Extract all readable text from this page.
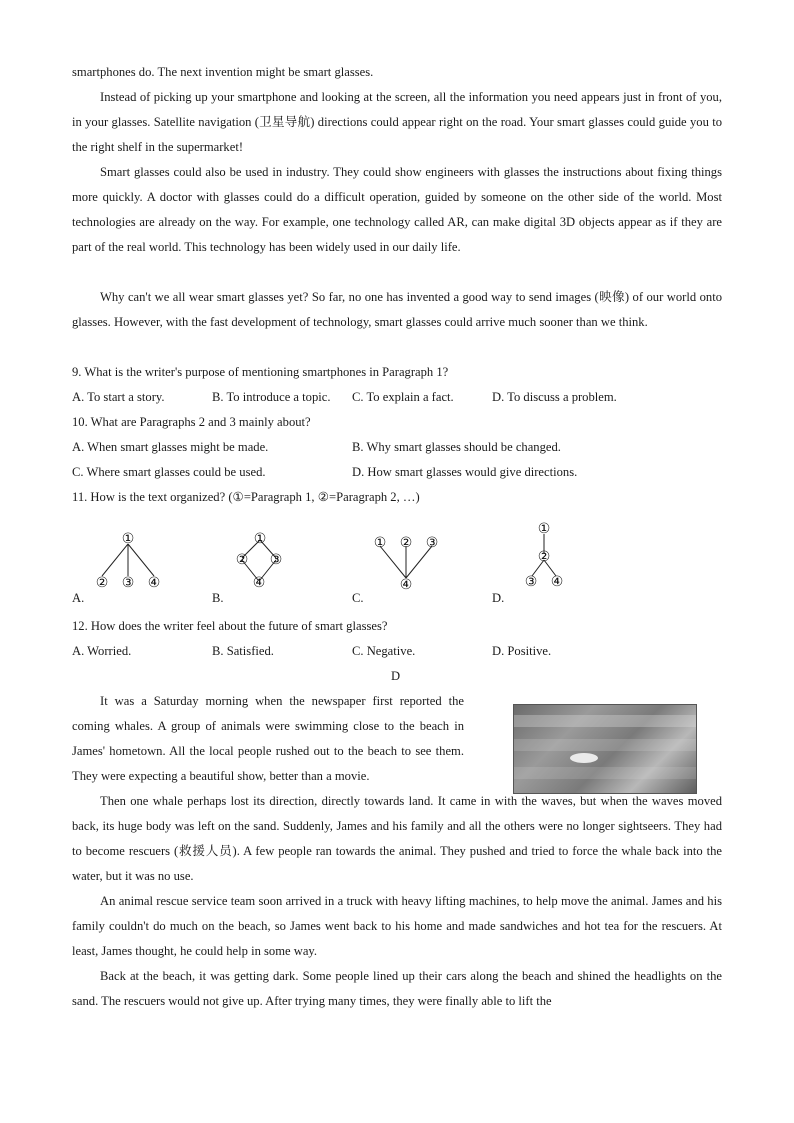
smartphones do. The next invention might be smart glasses.
Instead of picking up your smartphone and looking at the screen, all the information you need appears just in front of you, in your glasses. Satellite navigation (卫星导航) directions could appear right on the road. Your smart glasses could guide you to the right shelf in the supermarket!
Smart glasses could also be used in industry. They could show engineers with glasses the instructions about fixing things more quickly. A doctor with glasses could do a difficult operation, guided by someone on the other side of the world. Most technologies are already on the way. For example, one technology called AR, can make digital 3D objects appear as if they are part of the real world. This technology has been widely used in our daily life.
Why can't we all wear smart glasses yet? So far, no one has invented a good way to send images (映像) of our world onto glasses. However, with the fast development of technology, smart glasses could arrive much sooner than we think.
9. What is the writer's purpose of mentioning smartphones in Paragraph 1?
A. To start a story.	B. To introduce a topic. C. To explain a fact.	D. To discuss a problem.
10. What are Paragraphs 2 and 3 mainly about?
A. When smart glasses might be made.	B. Why smart glasses should be changed.
C. Where smart glasses could be used.	D. How smart glasses would give directions.
11. How is the text organized? (①=Paragraph 1, ②=Paragraph 2, …)
A.
①
② ③ ④
B.
①
② ③
④
C.
① ② ③
④
D.
①
②
③ ④
12. How does the writer feel about the future of smart glasses?
A. Worried.	B. Satisfied.	C. Negative.	D. Positive.
D
It was a Saturday morning when the newspaper first reported the coming whales. A group of animals were swimming close to the beach in James' hometown. All the local people rushed out to the beach to see them. They were expecting a beautiful show, better than a movie.
Then one whale perhaps lost its direction, directly towards land. It came in with the waves, but when the waves moved back, its huge body was left on the sand. Suddenly, James and his family and all the others were no longer sightseers. They had to become rescuers (救援人员). A few people ran towards the animal. They pushed and tried to force the whale back into the water, but it was no use.
An animal rescue service team soon arrived in a truck with heavy lifting machines, to help move the animal. James and his family couldn't do much on the beach, so James went back to his home and made sandwiches and hot tea for the rescuers. At least, James thought, he could help in some way.
Back at the beach, it was getting dark. Some people lined up their cars along the beach and shined the headlights on the sand. The rescuers would not give up. After trying many times, they were finally able to lift the
